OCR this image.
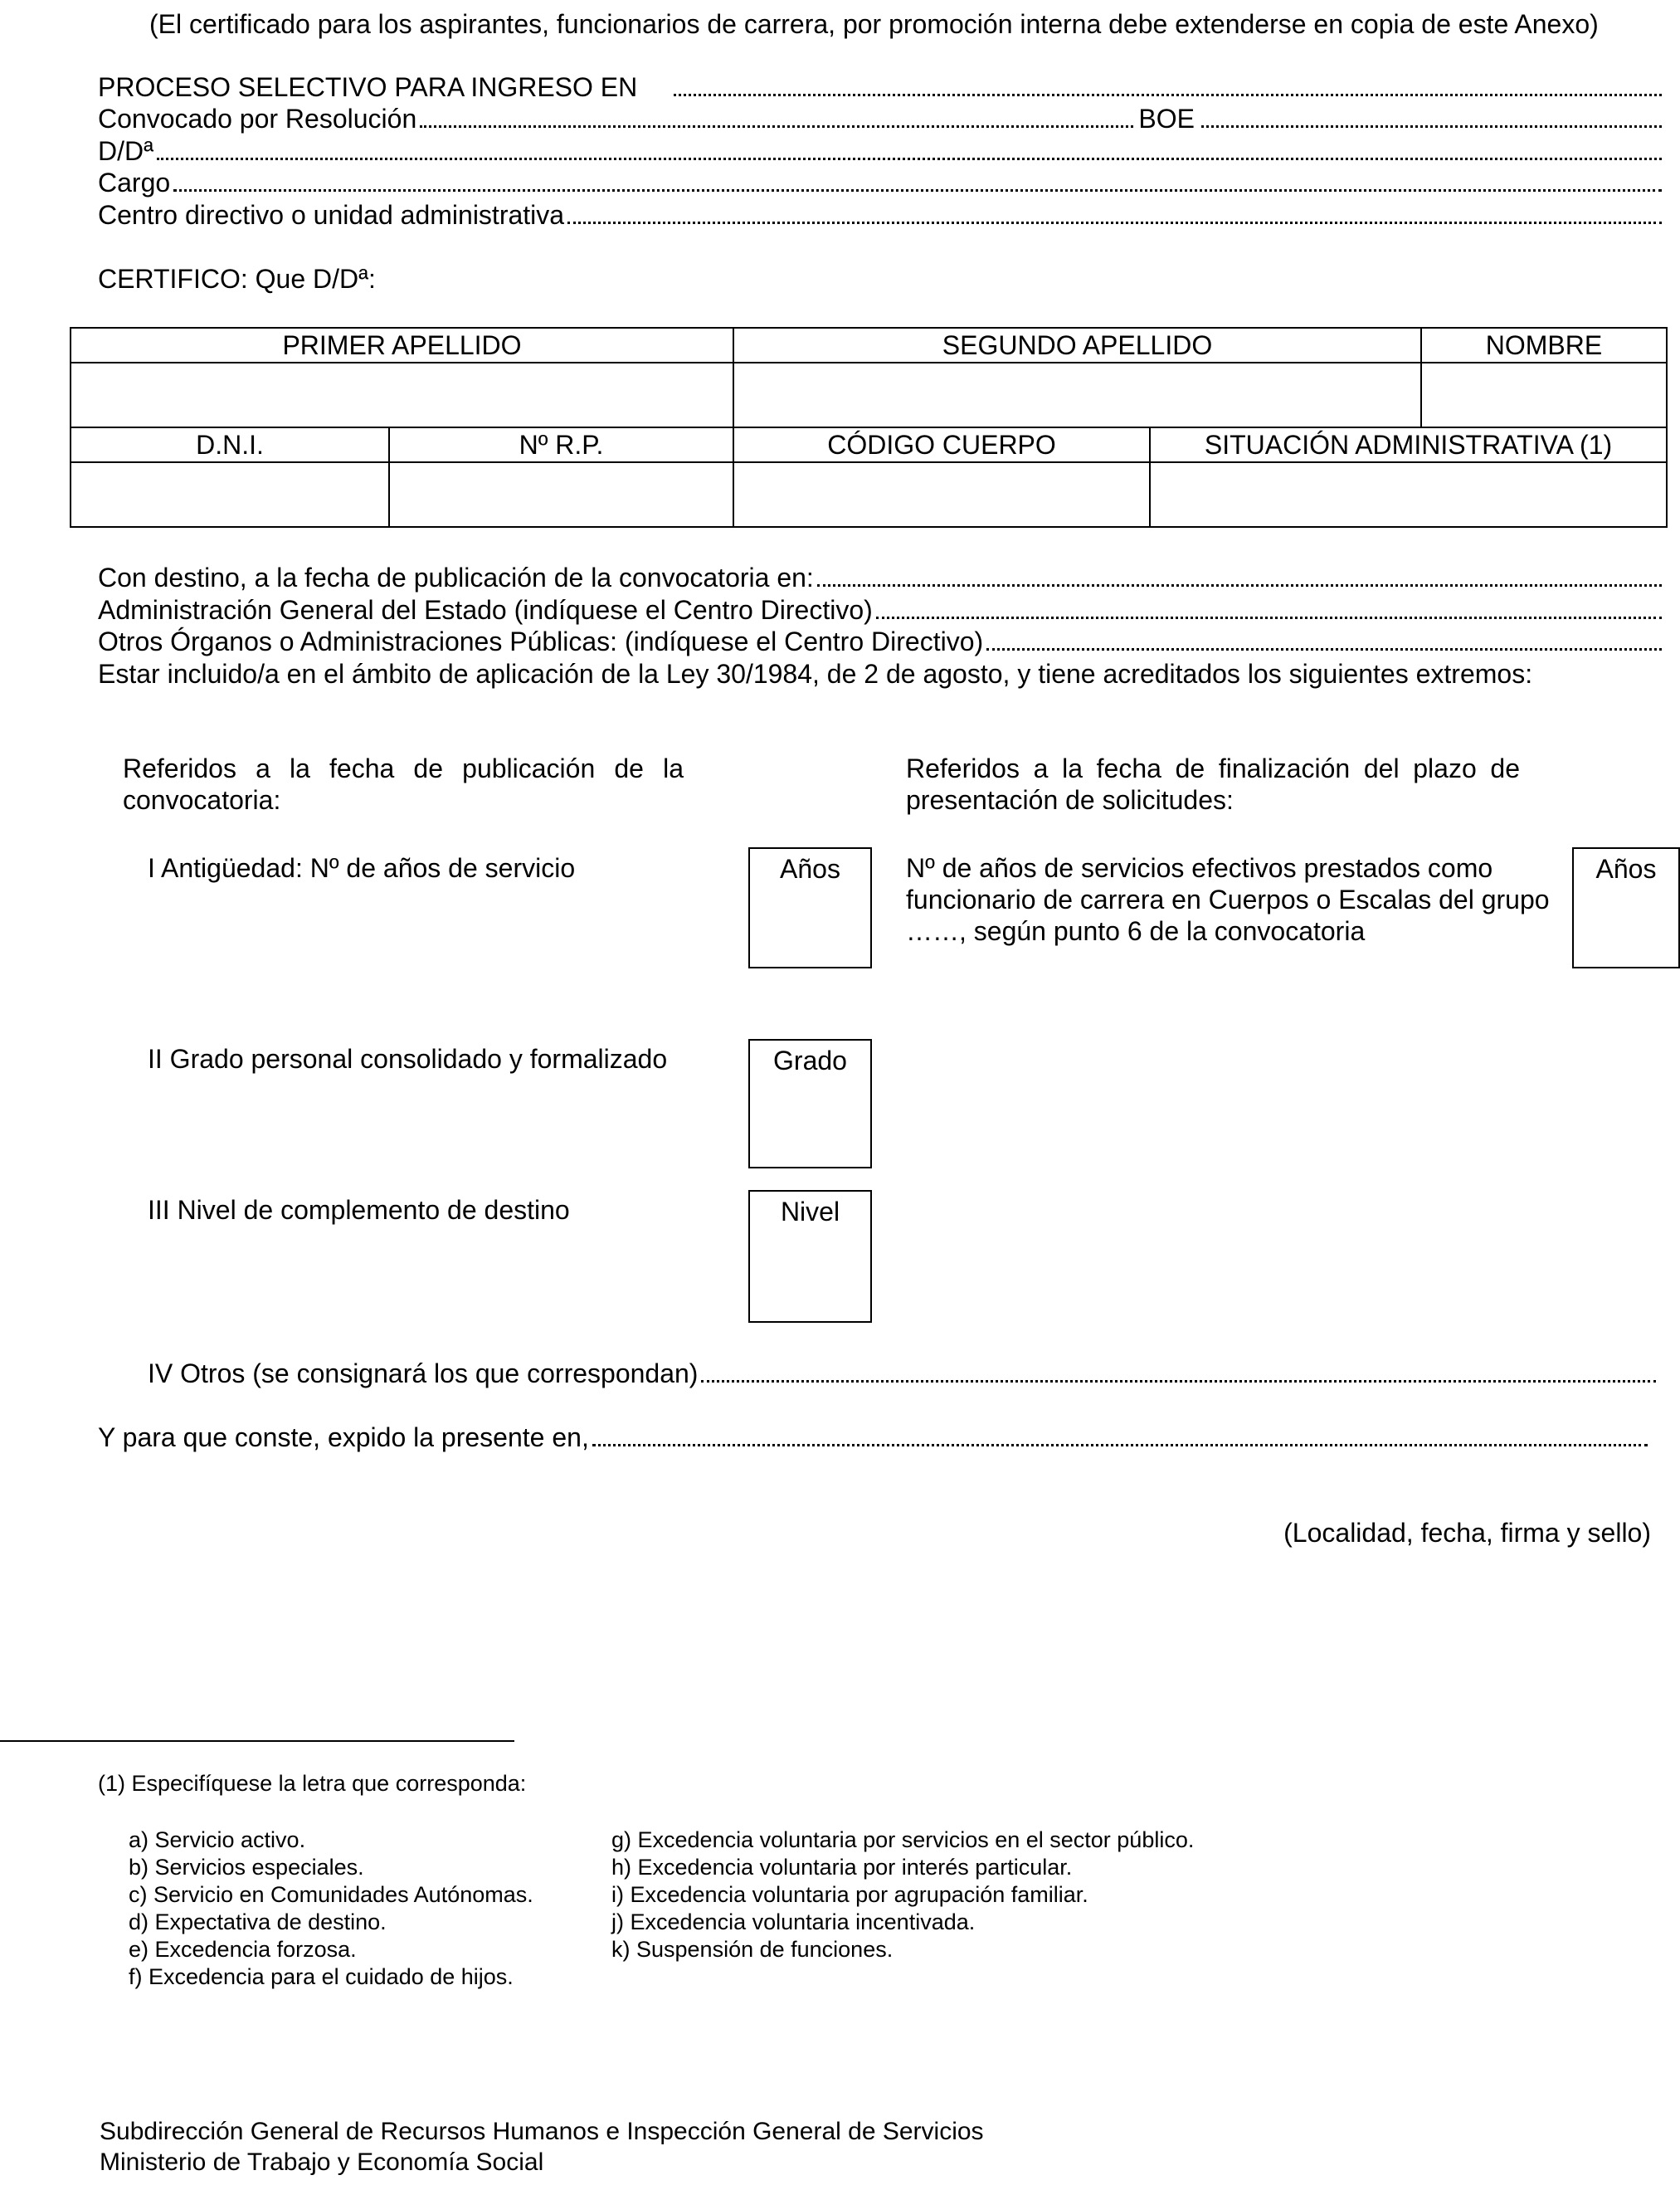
(El certificado para los aspirantes, funcionarios de carrera, por promoción interna debe extenderse en copia de este Anexo)
PROCESO SELECTIVO PARA INGRESO EN
Convocado por Resolución	BOE
D/Dª
Cargo
Centro directivo o unidad administrativa
CERTIFICO: Que D/Dª:
PRIMER APELLIDO		SEGUNDO APELLIDO		NOMBRE

D.N.I.	Nº R.P.	CÓDIGO CUERPO	SITUACIÓN ADMINISTRATIVA (1)	

Con destino, a la fecha de publicación de la convocatoria en:
Administración General del Estado (indíquese el Centro Directivo)
Otros Órganos o Administraciones Públicas: (indíquese el Centro Directivo)
Estar incluido/a en el ámbito de aplicación de la Ley 30/1984, de 2 de agosto, y tiene acreditados los siguientes extremos:
Referidos a la fecha de publicación de la convocatoria:
Referidos a la fecha de finalización del plazo de presentación de solicitudes:
I Antigüedad: Nº de años de servicio	Años	Nº de años de servicios efectivos prestados como funcionario de carrera en Cuerpos o Escalas del grupo ……, según punto 6 de la convocatoria
Años
II Grado personal consolidado y formalizado	Grado
III Nivel de complemento de destino	Nivel
IV Otros (se consignará los que correspondan)
Y para que conste, expido la presente en,
(Localidad, fecha, firma y sello)
(1) Especifíquese la letra que corresponda:
a) Servicio activo.
b) Servicios especiales.
c) Servicio en Comunidades Autónomas.
d) Expectativa de destino.
e) Excedencia forzosa.
f) Excedencia para el cuidado de hijos.
g) Excedencia voluntaria por servicios en el sector público.
h) Excedencia voluntaria por interés particular.
i) Excedencia voluntaria por agrupación familiar.
j) Excedencia voluntaria incentivada.
k) Suspensión de funciones.
Subdirección General de Recursos Humanos e Inspección General de Servicios
Ministerio de Trabajo y Economía Social
